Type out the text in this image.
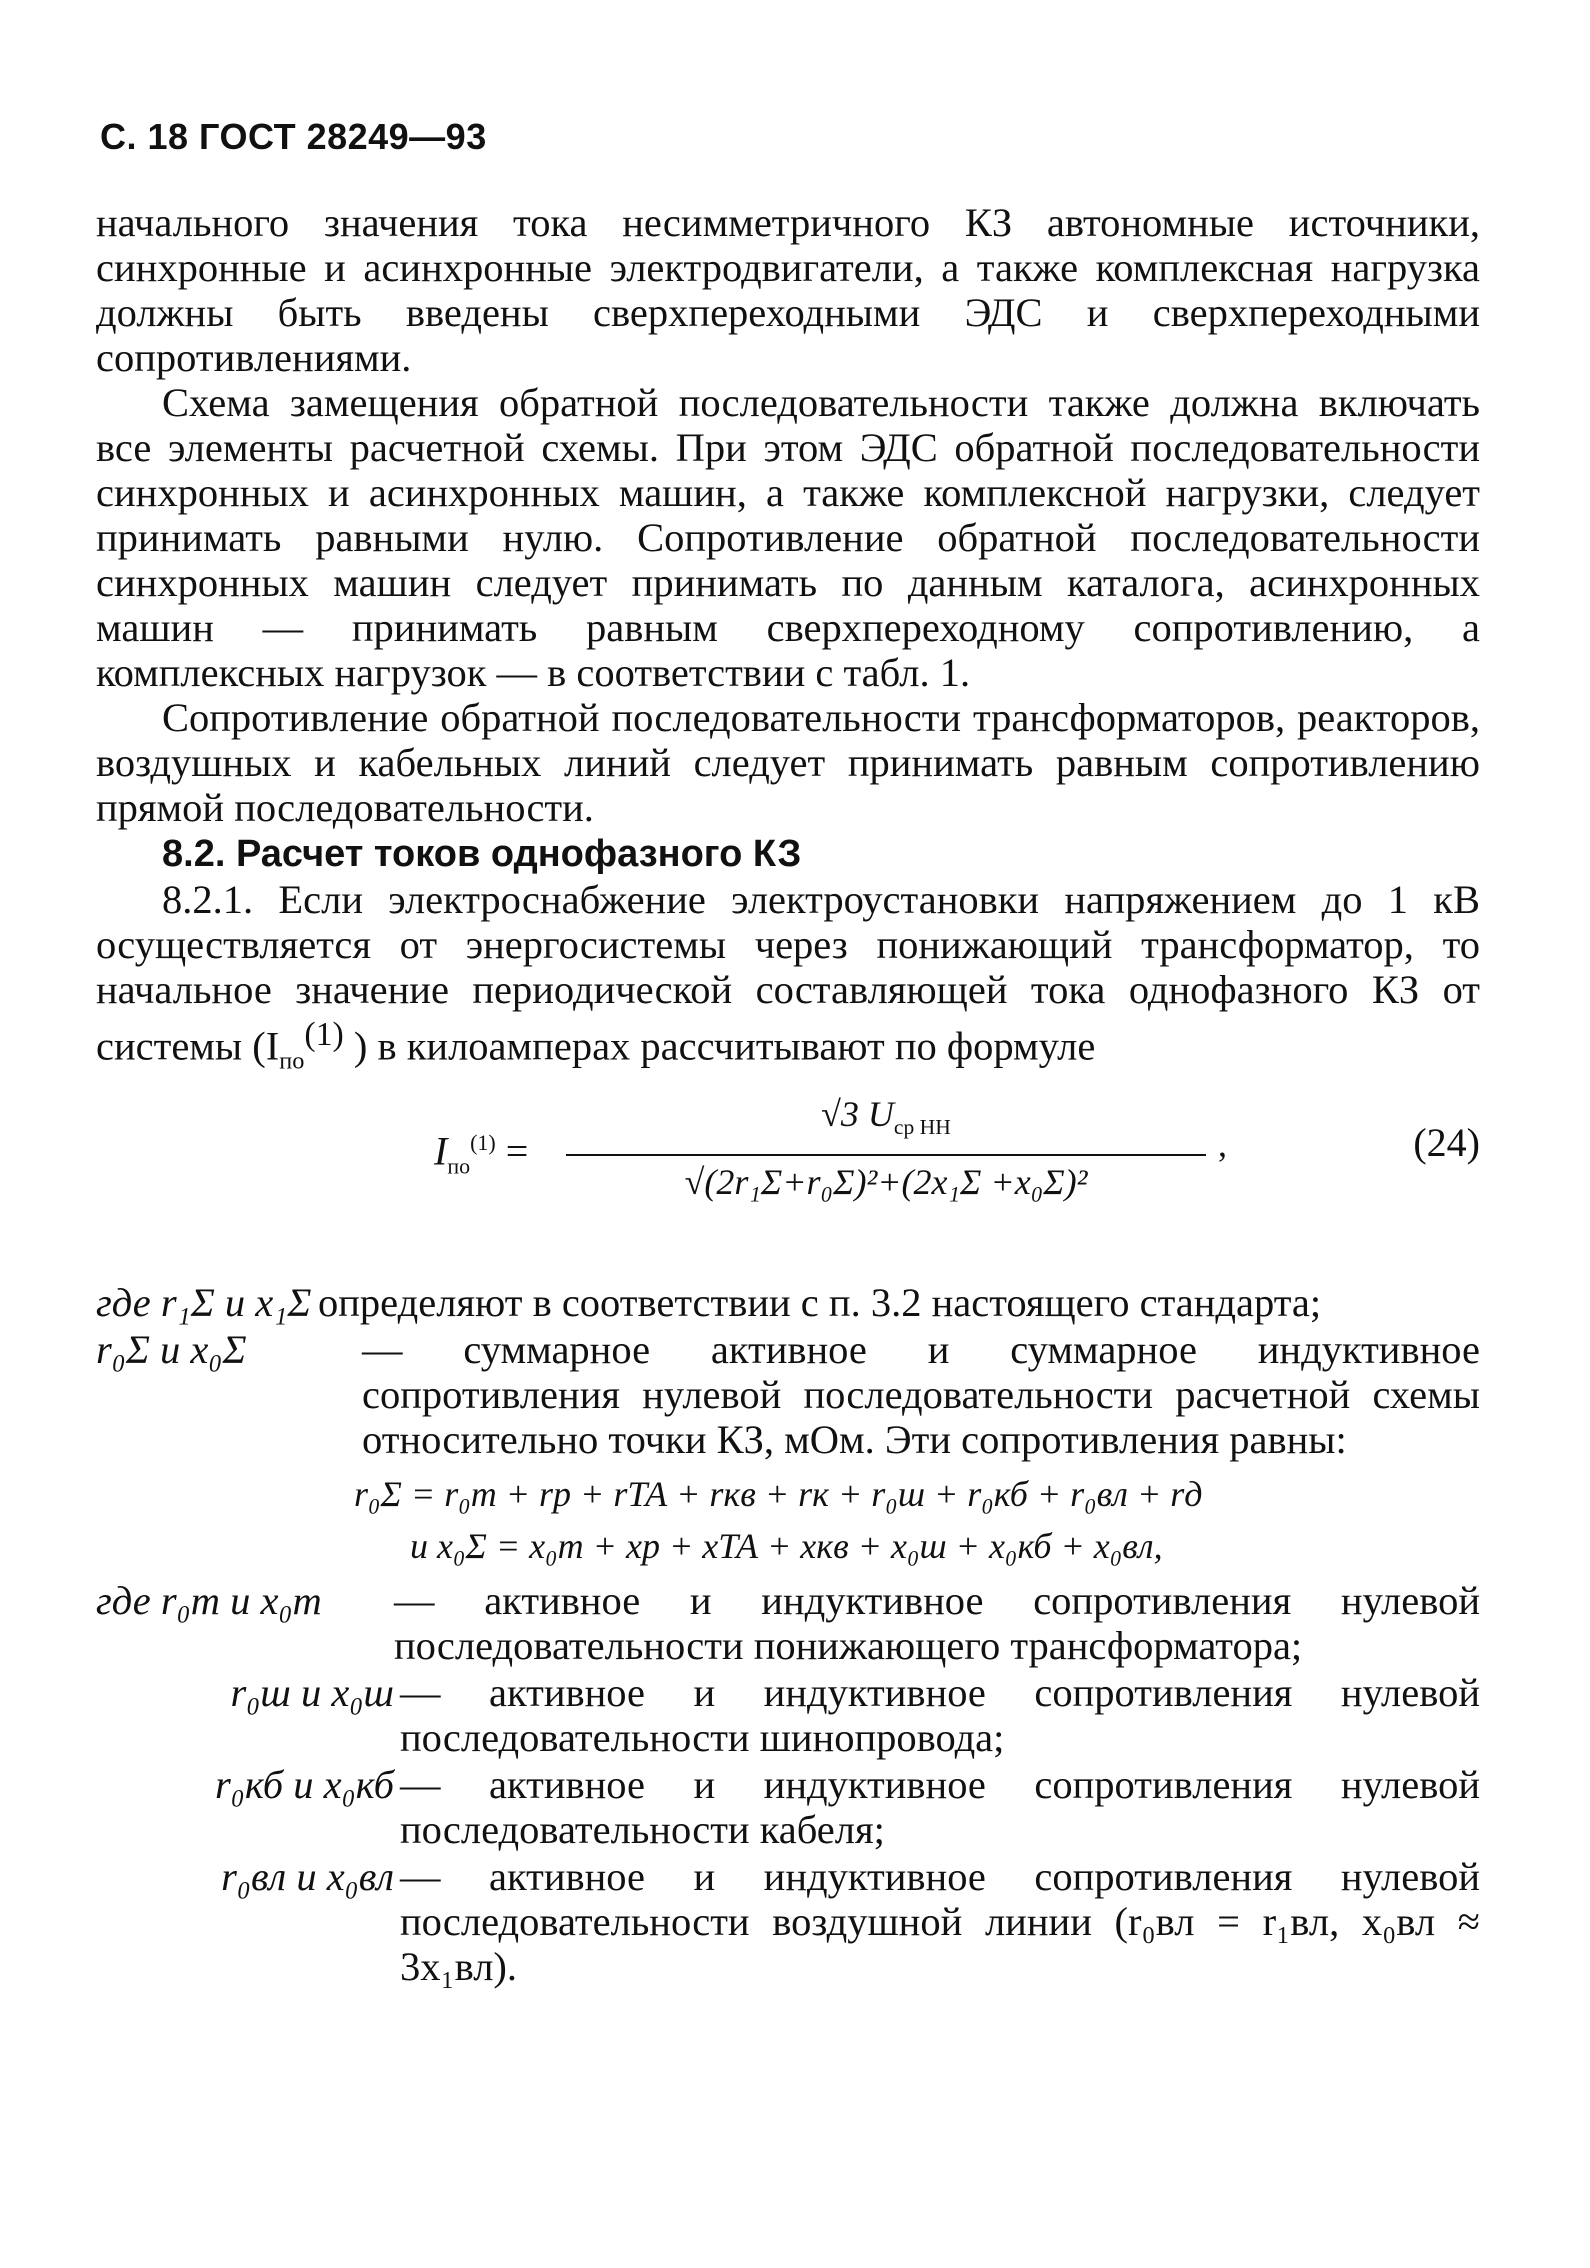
С. 18 ГОСТ 28249—93

начального значения тока несимметричного КЗ автономные источники, синхронные и асинхронные электродвигатели, а также комплексная нагрузка должны быть введены сверхпереходными ЭДС и сверхпереходными сопротивлениями.

Схема замещения обратной последовательности также должна включать все элементы расчетной схемы. При этом ЭДС обратной последовательности синхронных и асинхронных машин, а также комплексной нагрузки, следует принимать равными нулю. Сопротивление обратной последовательности синхронных машин следует принимать по данным каталога, асинхронных машин — принимать равным сверхпереходному сопротивлению, а комплексных нагрузок — в соответствии с табл. 1.

Сопротивление обратной последовательности трансформаторов, реакторов, воздушных и кабельных линий следует принимать равным сопротивлению прямой последовательности.

8.2. Расчет токов однофазного КЗ

8.2.1. Если электроснабжение электроустановки напряжением до 1 кВ осуществляется от энергосистемы через понижающий трансформатор, то начальное значение периодической составляющей тока однофазного КЗ от системы ($I_{по}^{(1)}$ ) в килоамперах рассчитывают по формуле

$I_{по}^{(1)}$ =
√3 $U_{ср НН}$
√(2r₁Σ+r₀Σ)²+(2x₁Σ +x₀Σ)²
,	(24)
где r₁Σ и x₁Σ определяют в соответствии с п. 3.2 настоящего стандарта;
r₀Σ и x₀Σ	— суммарное активное и суммарное индуктивное сопротивления нулевой последовательности расчетной схемы относительно точки КЗ, мОм. Эти сопротивления равны:
r₀Σ = r₀т + rр + rТА + rкв + rк + r₀ш + r₀кб + r₀вл + rд
и x₀Σ = x₀т + xр + xТА + xкв + x₀ш + x₀кб + x₀вл,
где r₀т и x₀т	— активное и индуктивное сопротивления нулевой последовательности понижающего трансформатора;
r₀ш и x₀ш — активное и индуктивное сопротивления нулевой последовательности шинопровода;
r₀кб и x₀кб — активное и индуктивное сопротивления нулевой последовательности кабеля;
r₀вл и x₀вл — активное и индуктивное сопротивления нулевой последовательности воздушной линии (r₀вл = r₁вл, x₀вл ≈ 3x₁вл).
